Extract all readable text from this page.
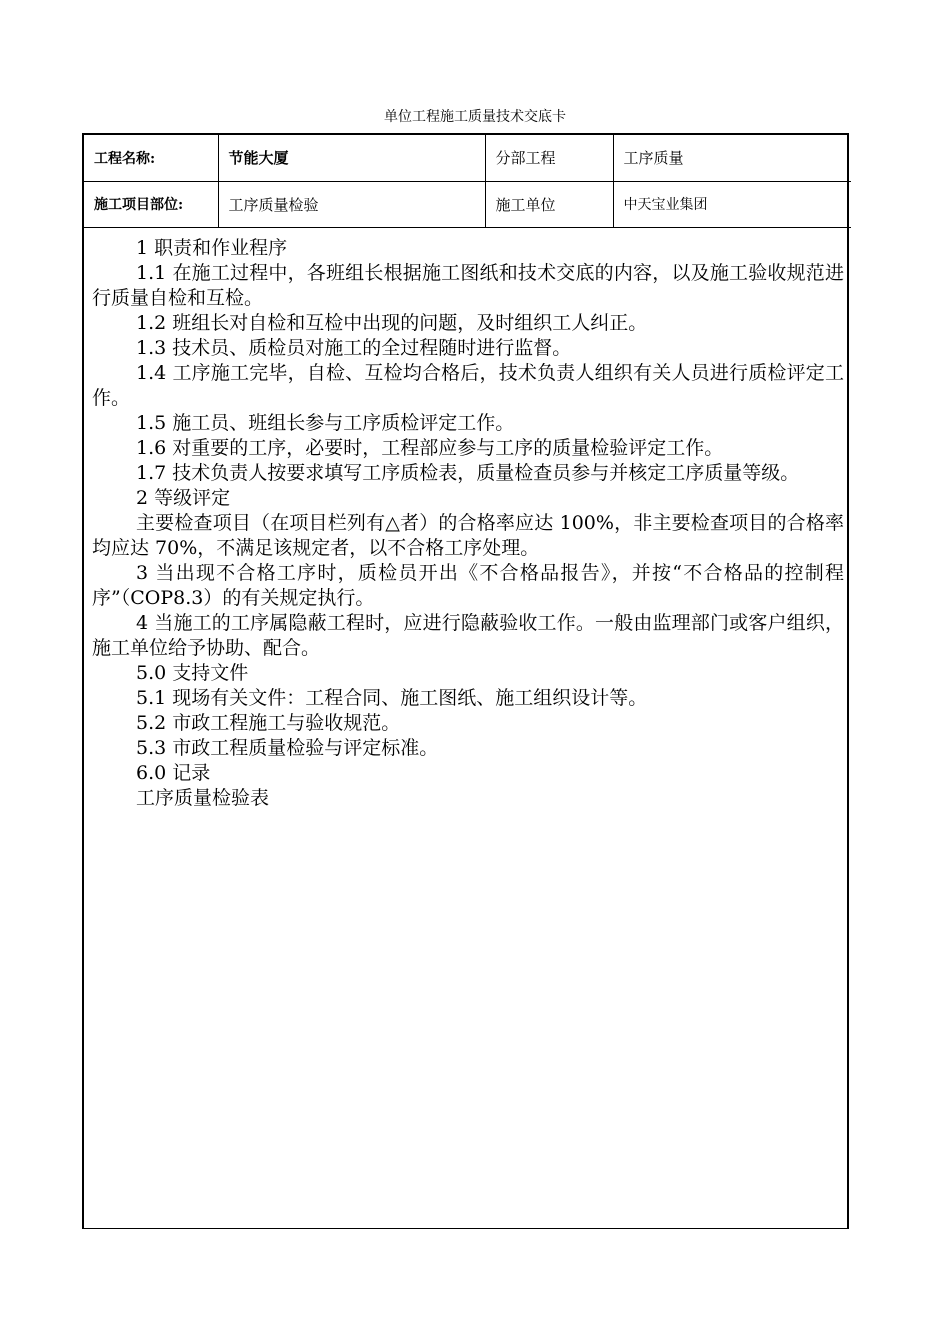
单位工程施工质量技术交底卡
工程名称:	节能大厦	分部工程	工序质量
施工项目部位:	工序质量检验	施工单位	中天宝业集团

1 职责和作业程序

1.1 在施工过程中，各班组长根据施工图纸和技术交底的内容，以及施工验收规范进行质量自检和互检。

1.2 班组长对自检和互检中出现的问题，及时组织工人纠正。

1.3 技术员、质检员对施工的全过程随时进行监督。

1.4 工序施工完毕，自检、互检均合格后，技术负责人组织有关人员进行质检评定工作。

1.5 施工员、班组长参与工序质检评定工作。

1.6 对重要的工序，必要时，工程部应参与工序的质量检验评定工作。

1.7 技术负责人按要求填写工序质检表，质量检查员参与并核定工序质量等级。

2 等级评定

主要检查项目（在项目栏列有△者）的合格率应达 100%，非主要检查项目的合格率均应达 70%，不满足该规定者，以不合格工序处理。

3 当出现不合格工序时，质检员开出《不合格品报告》，并按“不合格品的控制程序”（COP8.3）的有关规定执行。

4 当施工的工序属隐蔽工程时，应进行隐蔽验收工作。一般由监理部门或客户组织，施工单位给予协助、配合。

5.0 支持文件

5.1 现场有关文件：工程合同、施工图纸、施工组织设计等。

5.2 市政工程施工与验收规范。

5.3 市政工程质量检验与评定标准。

6.0 记录

工序质量检验表
